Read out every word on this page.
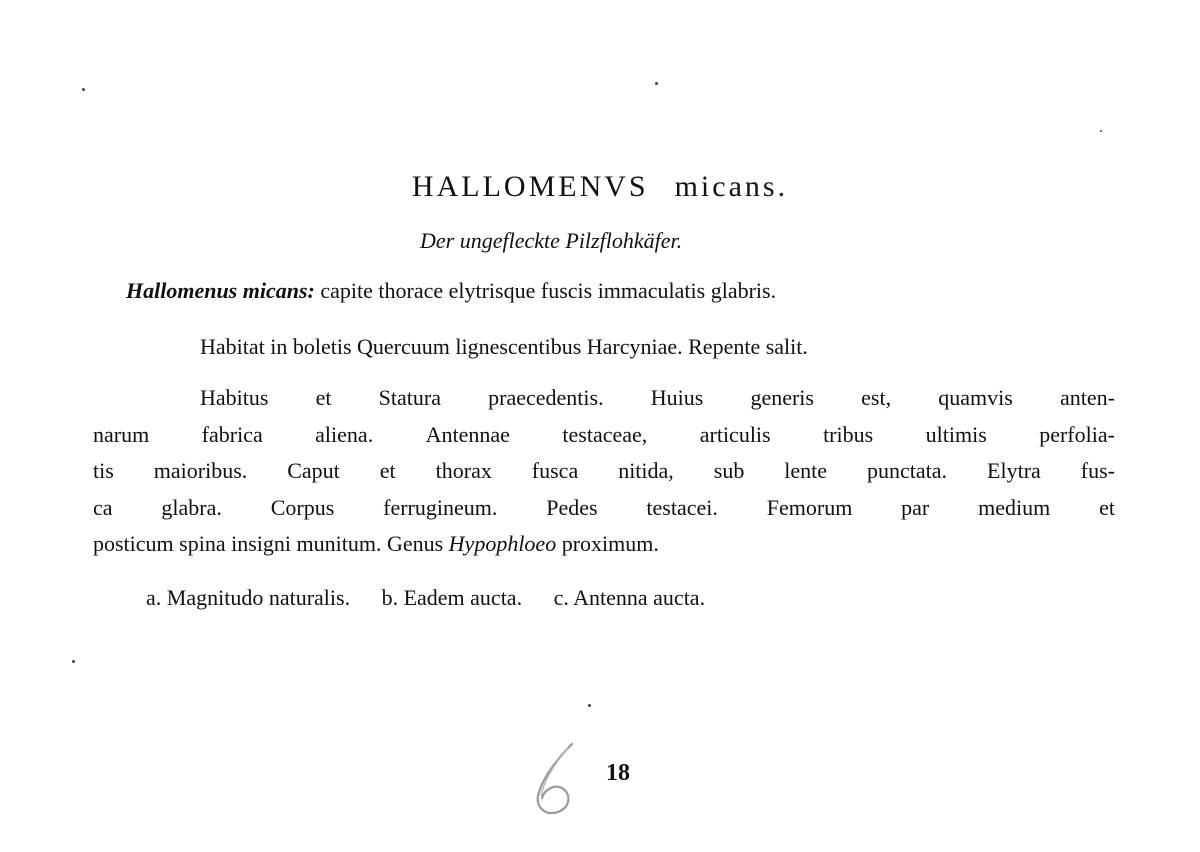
HALLOMENVS micans.
Der ungefleckte Pilzflohkäfer.
Hallomenus micans: capite thorace elytrisque fuscis immaculatis glabris.
Habitat in boletis Quercuum lignescentibus Harcyniae. Repente salit.
Habitus et Statura praecedentis. Huius generis est, quamvis anten-
narum fabrica aliena. Antennae testaceae, articulis tribus ultimis perfolia-
tis maioribus. Caput et thorax fusca nitida, sub lente punctata. Elytra fus-
ca glabra. Corpus ferrugineum. Pedes testacei. Femorum par medium et
posticum spina insigni munitum. Genus Hypophloeo proximum.
a. Magnitudo naturalis. b. Eadem aucta. c. Antenna aucta.
18
